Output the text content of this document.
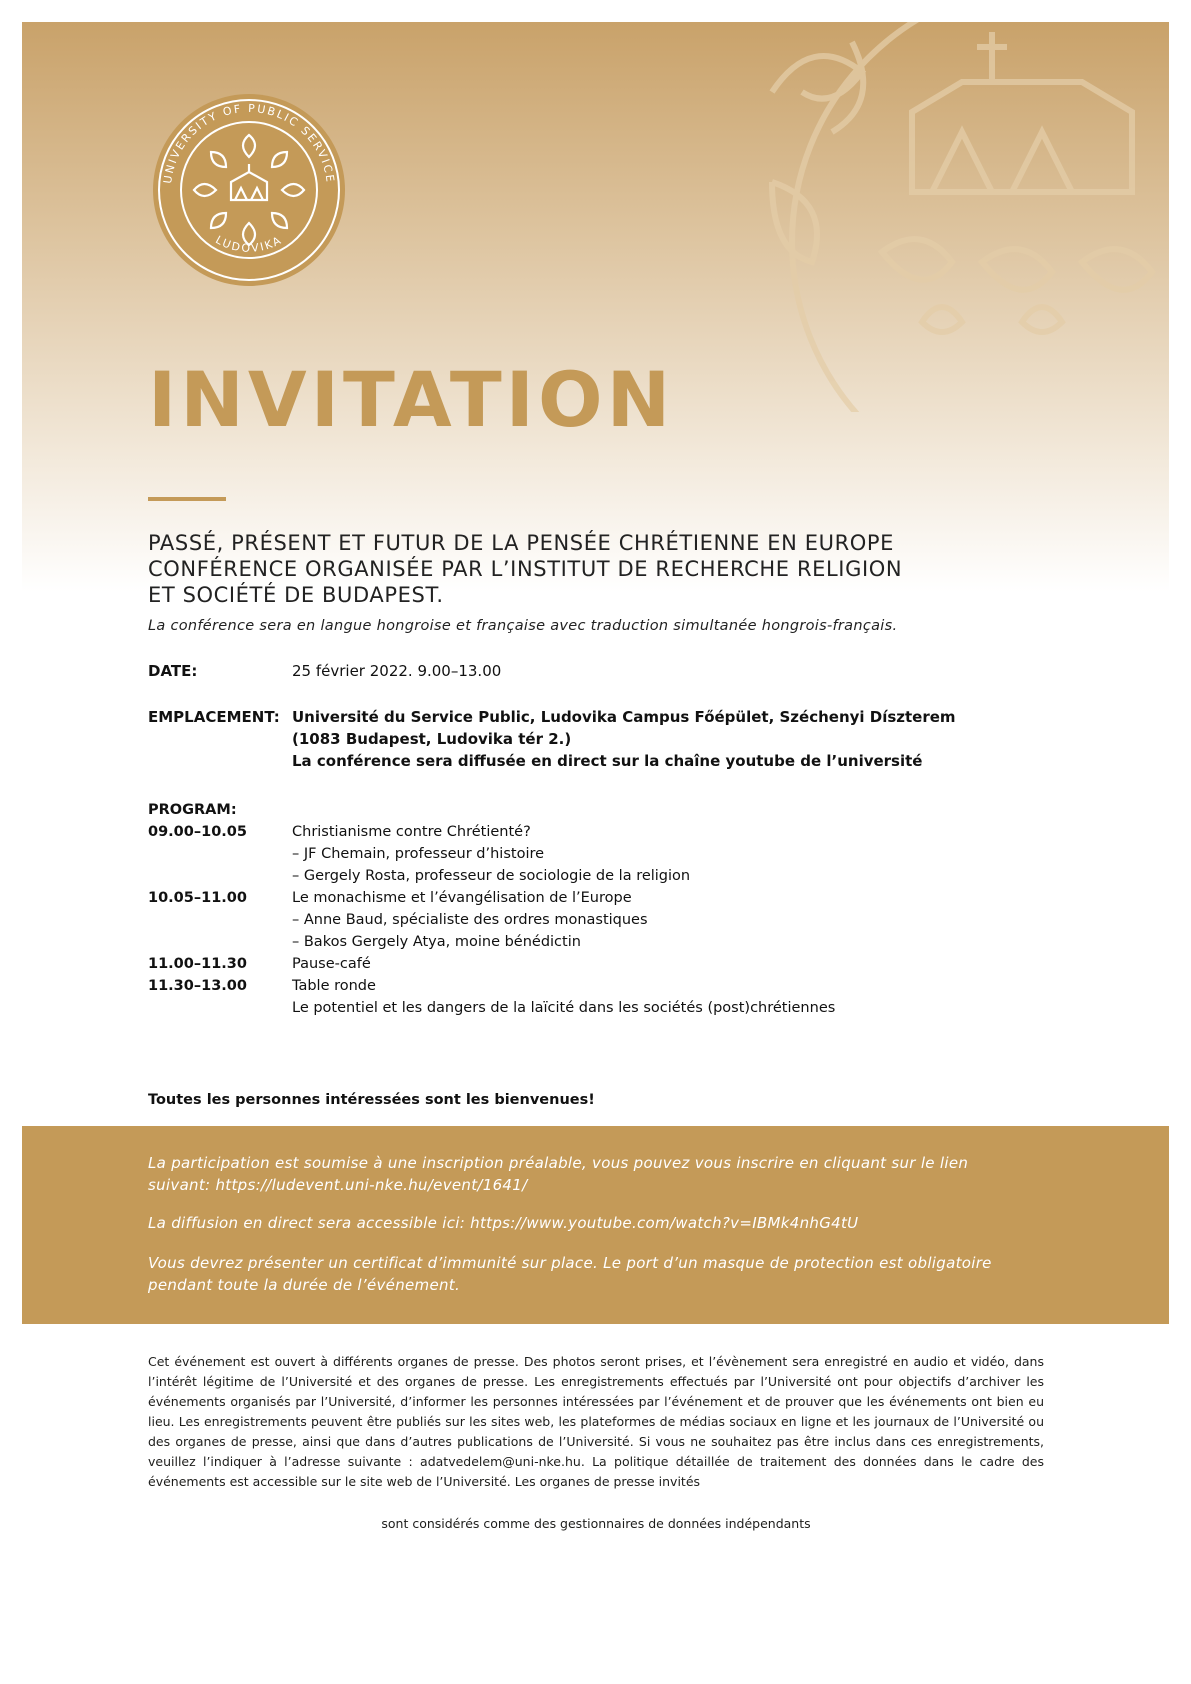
UNIVERSITY OF PUBLIC SERVICE
LUDOVIKA
INVITATION
PASSÉ, PRÉSENT ET FUTUR DE LA PENSÉE CHRÉTIENNE EN EUROPE
CONFÉRENCE ORGANISÉE PAR L’INSTITUT DE RECHERCHE RELIGION
ET SOCIÉTÉ DE BUDAPEST.
La conférence sera en langue hongroise et française avec traduction simultanée hongrois-français.
DATE:	25 février 2022. 9.00–13.00
EMPLACEMENT: Université du Service Public, Ludovika Campus Főépület, Széchenyi Díszterem
(1083 Budapest, Ludovika tér 2.)
La conférence sera diffusée en direct sur la chaîne youtube de l’université
PROGRAM:
09.00–10.05	Christianisme contre Chrétienté?
– JF Chemain, professeur d’histoire
– Gergely Rosta, professeur de sociologie de la religion
10.05–11.00	Le monachisme et l’évangélisation de l’Europe
– Anne Baud, spécialiste des ordres monastiques
– Bakos Gergely Atya, moine bénédictin
11.00–11.30	Pause-café
11.30–13.00	Table ronde
Le potentiel et les dangers de la laïcité dans les sociétés (post)chrétiennes
Toutes les personnes intéressées sont les bienvenues!

La participation est soumise à une inscription préalable, vous pouvez vous inscrire en cliquant sur le lien suivant: https://ludevent.uni-nke.hu/event/1641/

La diffusion en direct sera accessible ici: https://www.youtube.com/watch?v=IBMk4nhG4tU

Vous devrez présenter un certificat d’immunité sur place. Le port d’un masque de protection est obligatoire pendant toute la durée de l’événement.

Cet événement est ouvert à différents organes de presse. Des photos seront prises, et l’évènement sera enregistré en audio et vidéo, dans l’intérêt légitime de l’Université et des organes de presse. Les enregistrements effectués par l’Université ont pour objectifs d’archiver les événements organisés par l’Université, d’informer les personnes intéressées par l’événement et de prouver que les événements ont bien eu lieu. Les enregistrements peuvent être publiés sur les sites web, les plateformes de médias sociaux en ligne et les journaux de l’Université ou des organes de presse, ainsi que dans d’autres publications de l’Université. Si vous ne souhaitez pas être inclus dans ces enregistrements, veuillez l’indiquer à l’adresse suivante : adatvedelem@uni-nke.hu. La politique détaillée de traitement des données dans le cadre des événements est accessible sur le site web de l’Université. Les organes de presse invités

sont considérés comme des gestionnaires de données indépendants
